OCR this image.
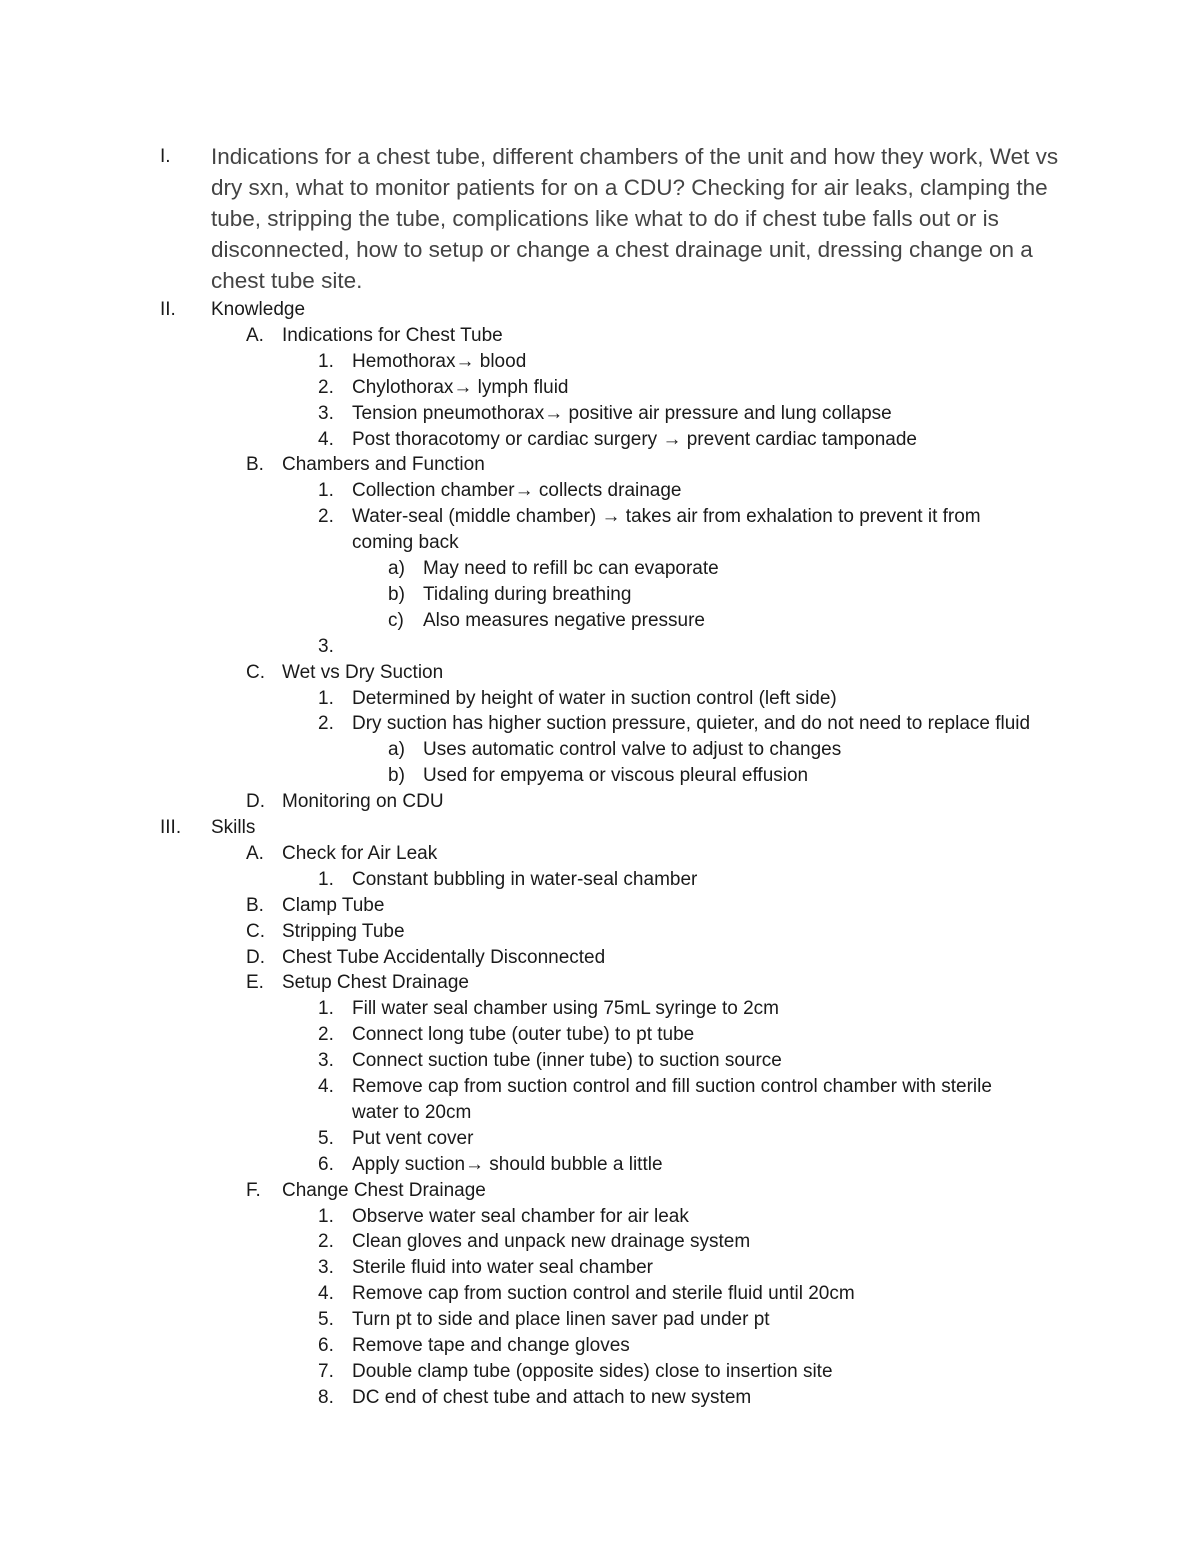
I. Indications for a chest tube, different chambers of the unit and how they work, Wet vs dry sxn, what to monitor patients for on a CDU? Checking for air leaks, clamping the tube, stripping the tube, complications like what to do if chest tube falls out or is disconnected, how to setup or change a chest drainage unit, dressing change on a chest tube site.
II. Knowledge
A. Indications for Chest Tube
1. Hemothorax→ blood
2. Chylothorax→ lymph fluid
3. Tension pneumothorax→ positive air pressure and lung collapse
4. Post thoracotomy or cardiac surgery → prevent cardiac tamponade
B. Chambers and Function
1. Collection chamber→ collects drainage
2. Water-seal (middle chamber) → takes air from exhalation to prevent it from
coming back
a) May need to refill bc can evaporate
b) Tidaling during breathing
c) Also measures negative pressure
3.
C. Wet vs Dry Suction
1. Determined by height of water in suction control (left side)
2. Dry suction has higher suction pressure, quieter, and do not need to replace fluid
a) Uses automatic control valve to adjust to changes
b) Used for empyema or viscous pleural effusion
D. Monitoring on CDU
III. Skills
A. Check for Air Leak
1. Constant bubbling in water-seal chamber
B. Clamp Tube
C. Stripping Tube
D. Chest Tube Accidentally Disconnected
E. Setup Chest Drainage
1. Fill water seal chamber using 75mL syringe to 2cm
2. Connect long tube (outer tube) to pt tube
3. Connect suction tube (inner tube) to suction source
4. Remove cap from suction control and fill suction control chamber with sterile
water to 20cm
5. Put vent cover
6. Apply suction→ should bubble a little
F. Change Chest Drainage
1. Observe water seal chamber for air leak
2. Clean gloves and unpack new drainage system
3. Sterile fluid into water seal chamber
4. Remove cap from suction control and sterile fluid until 20cm
5. Turn pt to side and place linen saver pad under pt
6. Remove tape and change gloves
7. Double clamp tube (opposite sides) close to insertion site
8. DC end of chest tube and attach to new system
